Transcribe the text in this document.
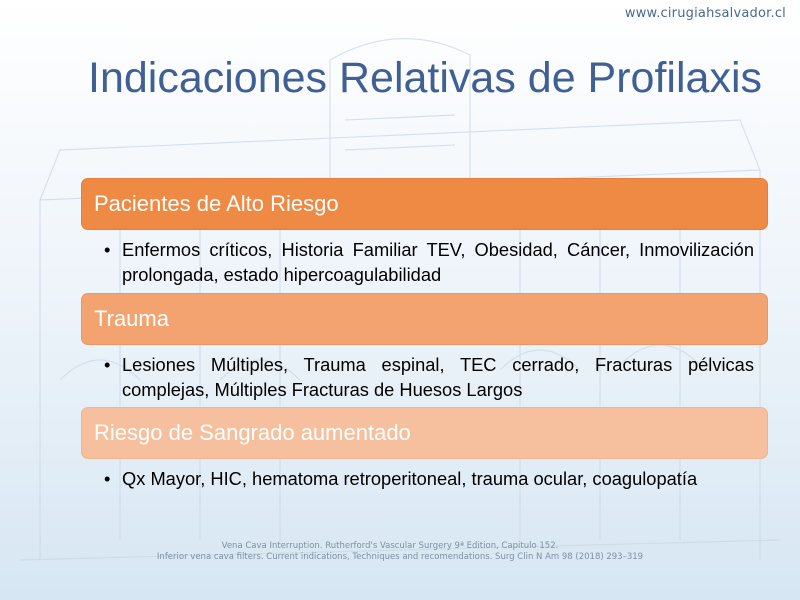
www.cirugiahsalvador.cl
Indicaciones Relativas de Profilaxis
Pacientes de Alto Riesgo
• Enfermos críticos, Historia Familiar TEV, Obesidad, Cáncer, Inmovilización prolongada, estado hipercoagulabilidad
Trauma
• Lesiones Múltiples, Trauma espinal, TEC cerrado, Fracturas pélvicas complejas, Múltiples Fracturas de Huesos Largos
Riesgo de Sangrado aumentado
• Qx Mayor, HIC, hematoma retroperitoneal, trauma ocular, coagulopatía
Vena Cava Interruption. Rutherford's Vascular Surgery 9ª Edition, Capitulo 152.
Inferior vena cava filters. Current indications, Techniques and recomendations. Surg Clin N Am 98 (2018) 293–319
